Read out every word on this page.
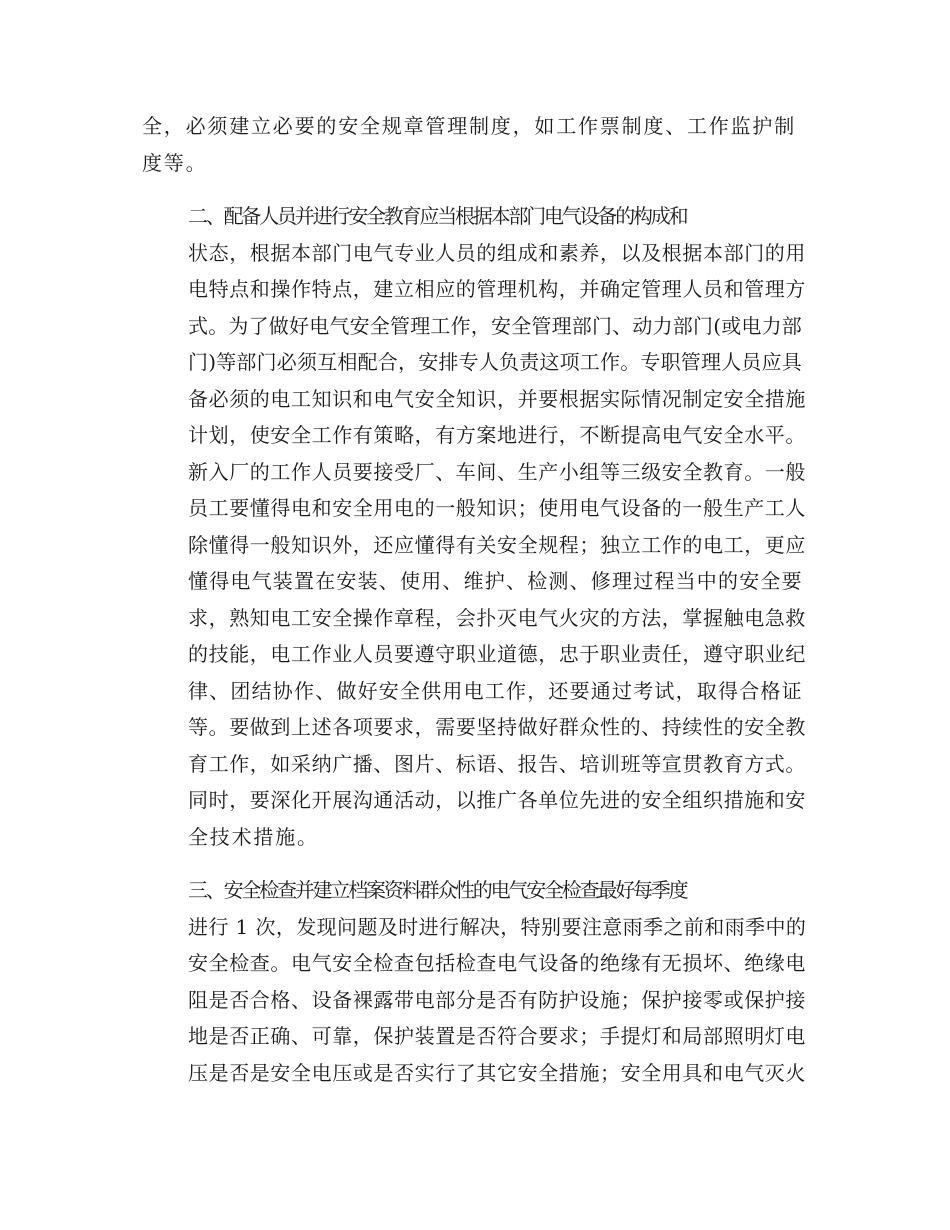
全，必须建立必要的安全规章管理制度，如工作票制度、工作监护制
度等。
二、配备人员并进行安全教育应当根据本部门电气设备的构成和
状态，根据本部门电气专业人员的组成和素养，以及根据本部门的用
电特点和操作特点，建立相应的管理机构，并确定管理人员和管理方
式。为了做好电气安全管理工作，安全管理部门、动力部门(或电力部
门)等部门必须互相配合，安排专人负责这项工作。专职管理人员应具
备必须的电工知识和电气安全知识，并要根据实际情况制定安全措施
计划，使安全工作有策略，有方案地进行，不断提高电气安全水平。
新入厂的工作人员要接受厂、车间、生产小组等三级安全教育。一般
员工要懂得电和安全用电的一般知识；使用电气设备的一般生产工人
除懂得一般知识外，还应懂得有关安全规程；独立工作的电工，更应
懂得电气装置在安装、使用、维护、检测、修理过程当中的安全要
求，熟知电工安全操作章程，会扑灭电气火灾的方法，掌握触电急救
的技能，电工作业人员要遵守职业道德，忠于职业责任，遵守职业纪
律、团结协作、做好安全供用电工作，还要通过考试，取得合格证
等。要做到上述各项要求，需要坚持做好群众性的、持续性的安全教
育工作，如采纳广播、图片、标语、报告、培训班等宣贯教育方式。
同时，要深化开展沟通活动，以推广各单位先进的安全组织措施和安
全技术措施。
三、安全检查并建立档案资料群众性的电气安全检查最好每季度
进行 1 次，发现问题及时进行解决，特别要注意雨季之前和雨季中的
安全检查。电气安全检查包括检查电气设备的绝缘有无损坏、绝缘电
阻是否合格、设备裸露带电部分是否有防护设施；保护接零或保护接
地是否正确、可靠，保护装置是否符合要求；手提灯和局部照明灯电
压是否是安全电压或是否实行了其它安全措施；安全用具和电气灭火
